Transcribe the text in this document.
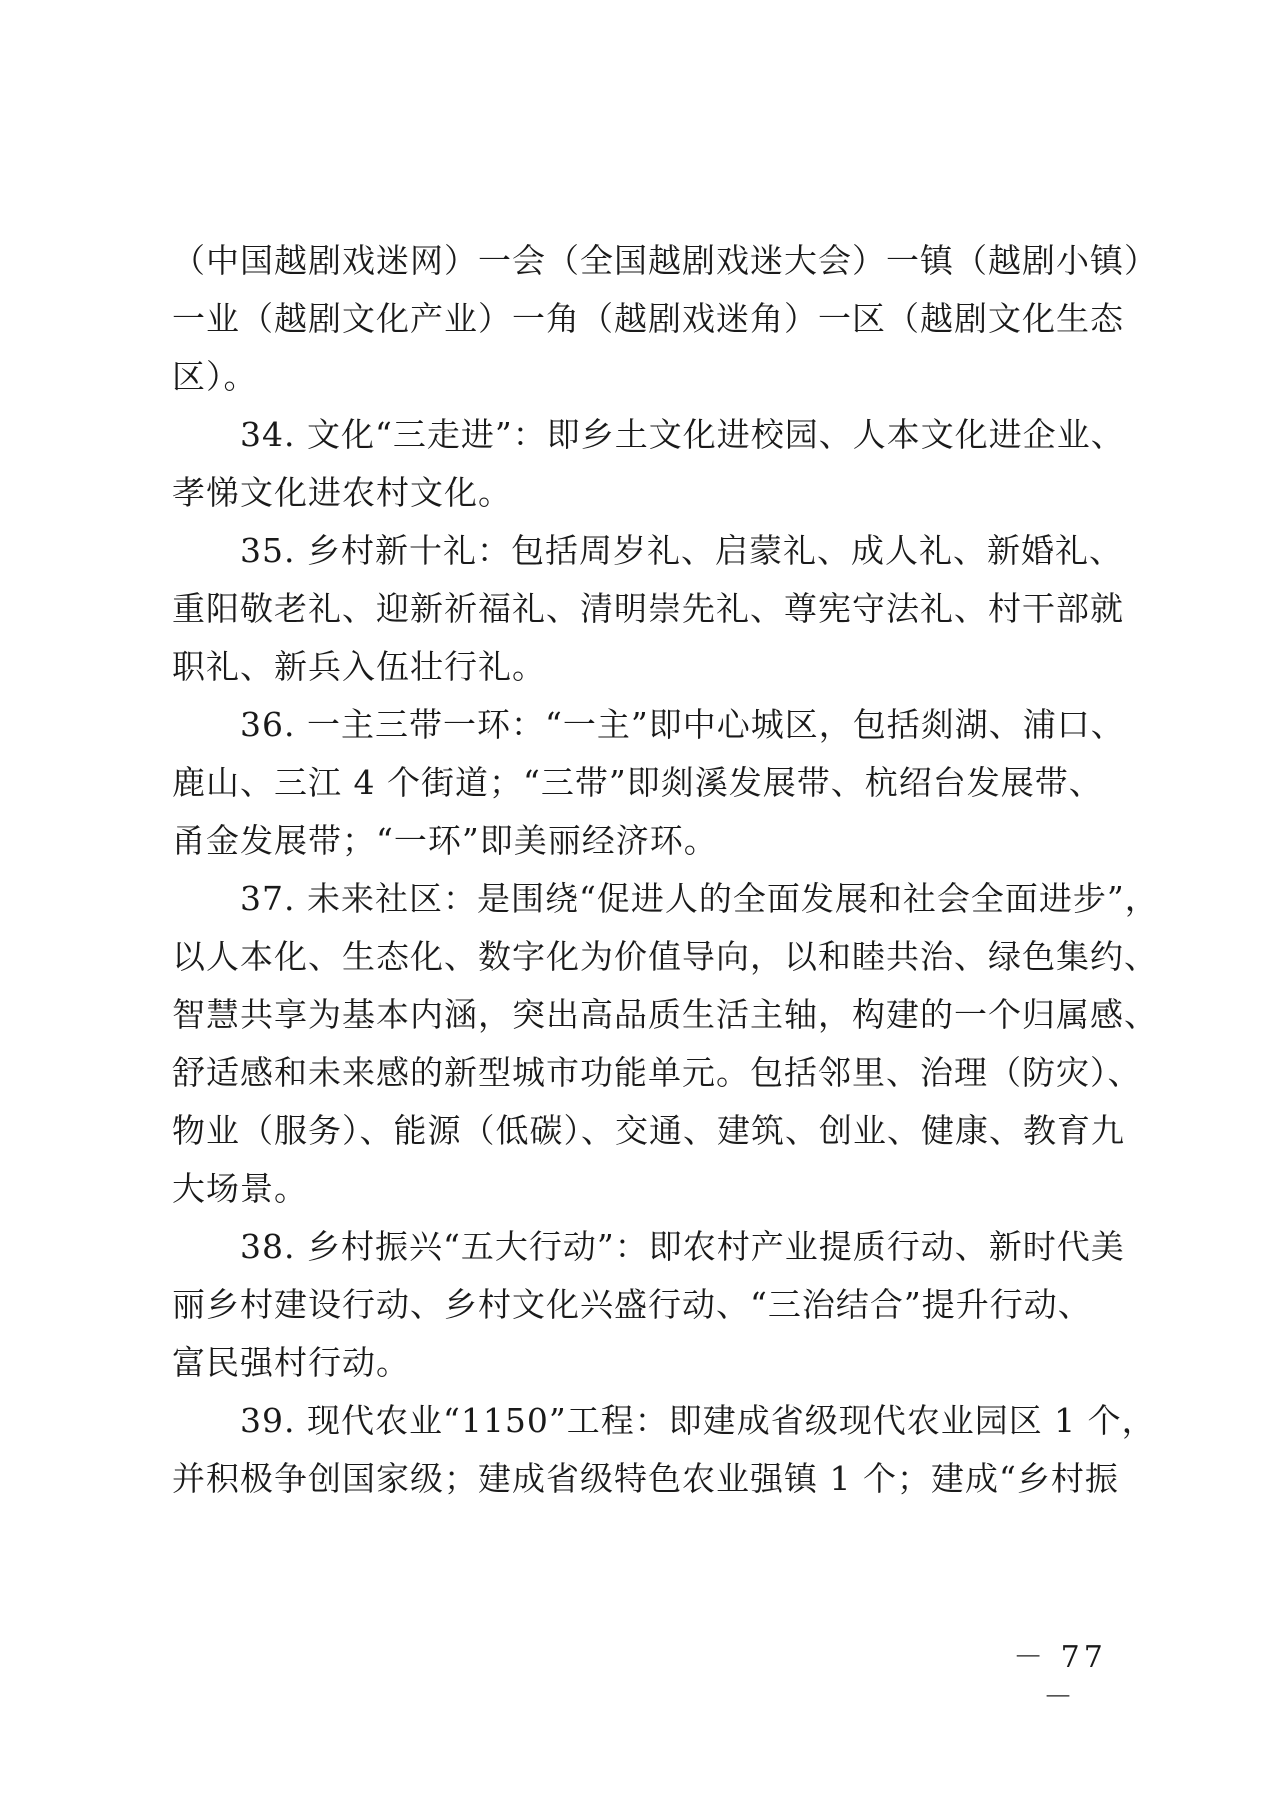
（中国越剧戏迷网）一会（全国越剧戏迷大会）一镇（越剧小镇）
一业（越剧文化产业）一角（越剧戏迷角）一区（越剧文化生态
区）。
34. 文化“三走进”：即乡土文化进校园、人本文化进企业、
孝悌文化进农村文化。
35. 乡村新十礼：包括周岁礼、启蒙礼、成人礼、新婚礼、
重阳敬老礼、迎新祈福礼、清明崇先礼、尊宪守法礼、村干部就
职礼、新兵入伍壮行礼。
36. 一主三带一环：“一主”即中心城区，包括剡湖、浦口、
鹿山、三江 4 个街道；“三带”即剡溪发展带、杭绍台发展带、
甬金发展带；“一环”即美丽经济环。
37. 未来社区：是围绕“促进人的全面发展和社会全面进步”，
以人本化、生态化、数字化为价值导向，以和睦共治、绿色集约、
智慧共享为基本内涵，突出高品质生活主轴，构建的一个归属感、
舒适感和未来感的新型城市功能单元。包括邻里、治理（防灾）、
物业（服务）、能源（低碳）、交通、建筑、创业、健康、教育九
大场景。
38. 乡村振兴“五大行动”：即农村产业提质行动、新时代美
丽乡村建设行动、乡村文化兴盛行动、“三治结合”提升行动、
富民强村行动。
39. 现代农业“1150”工程：即建成省级现代农业园区 1 个，
并积极争创国家级；建成省级特色农业强镇 1 个；建成“乡村振
－ 77 －
